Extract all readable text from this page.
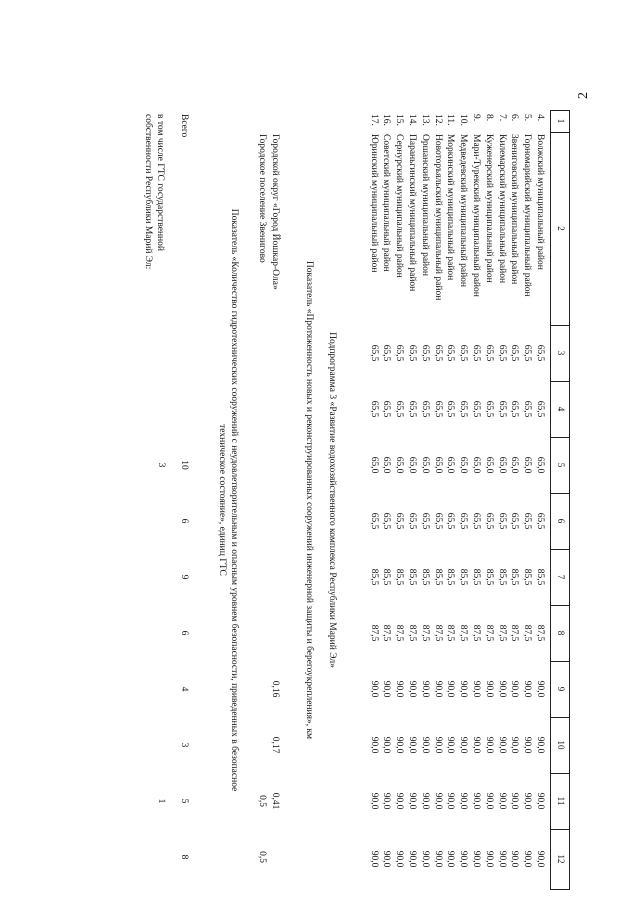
2
1
2
3
4
5
6
7
8
9
10
11
12
4.
Волжский муниципальный район
65,5
65,5
65,0
65,5
85,5
87,5
90,0
90,0
90,0
90,0
5.
Горномарийский муниципальный район
65,5
65,5
65,0
65,5
85,5
87,5
90,0
90,0
90,0
90,0
6.
Звениговский муниципальный район
65,5
65,5
65,0
65,5
85,5
87,5
90,0
90,0
90,0
90,0
7.
Килемарский муниципальный район
65,5
65,5
65,0
65,5
85,5
87,5
90,0
90,0
90,0
90,0
8.
Куженерский муниципальный район
65,5
65,5
65,0
65,5
85,5
87,5
90,0
90,0
90,0
90,0
9.
Мари-Турекский муниципальный район
65,5
65,5
65,0
65,5
85,5
87,5
90,0
90,0
90,0
90,0
10.
Медведевский муниципальный район
65,5
65,5
65,0
65,5
85,5
87,5
90,0
90,0
90,0
90,0
11.
Моркинский муниципальный район
65,5
65,5
65,0
65,5
85,5
87,5
90,0
90,0
90,0
90,0
12.
Новоторъяльский муниципальный район
65,5
65,5
65,0
65,5
85,5
87,5
90,0
90,0
90,0
90,0
13.
Оршанский муниципальный район
65,5
65,5
65,0
65,5
85,5
87,5
90,0
90,0
90,0
90,0
14.
Параньгинский муниципальный район
65,5
65,5
65,0
65,5
85,5
87,5
90,0
90,0
90,0
90,0
15.
Сернурский муниципальный район
65,5
65,5
65,0
65,5
85,5
87,5
90,0
90,0
90,0
90,0
16.
Советский муниципальный район
65,5
65,5
65,0
65,5
85,5
87,5
90,0
90,0
90,0
90,0
17.
Юринский муниципальный район
65,5
65,5
65,0
65,5
85,5
87,5
90,0
90,0
90,0
90,0
Подпрограмма 3 «Развитие водохозяйственного комплекса Республики Марий Эл»
Показатель «Протяженность новых и реконструированных сооружений инженерной защиты и берегоукрепления», км
Городской округ «Город Йошкар-Ола»
0,16
0,17
0,41
Городское поселение Звенигово
0,5
0,5
Показатель «Количество гидротехнических сооружений с неудовлетворительным и опасным уровнем безопасности, приведенных в безопасное техническое состояние», единиц ГТС
Всего
10
6
9
6
4
3
5
8
в том числе ГТС государственной собственности Республики Марий Эл:
3
1
